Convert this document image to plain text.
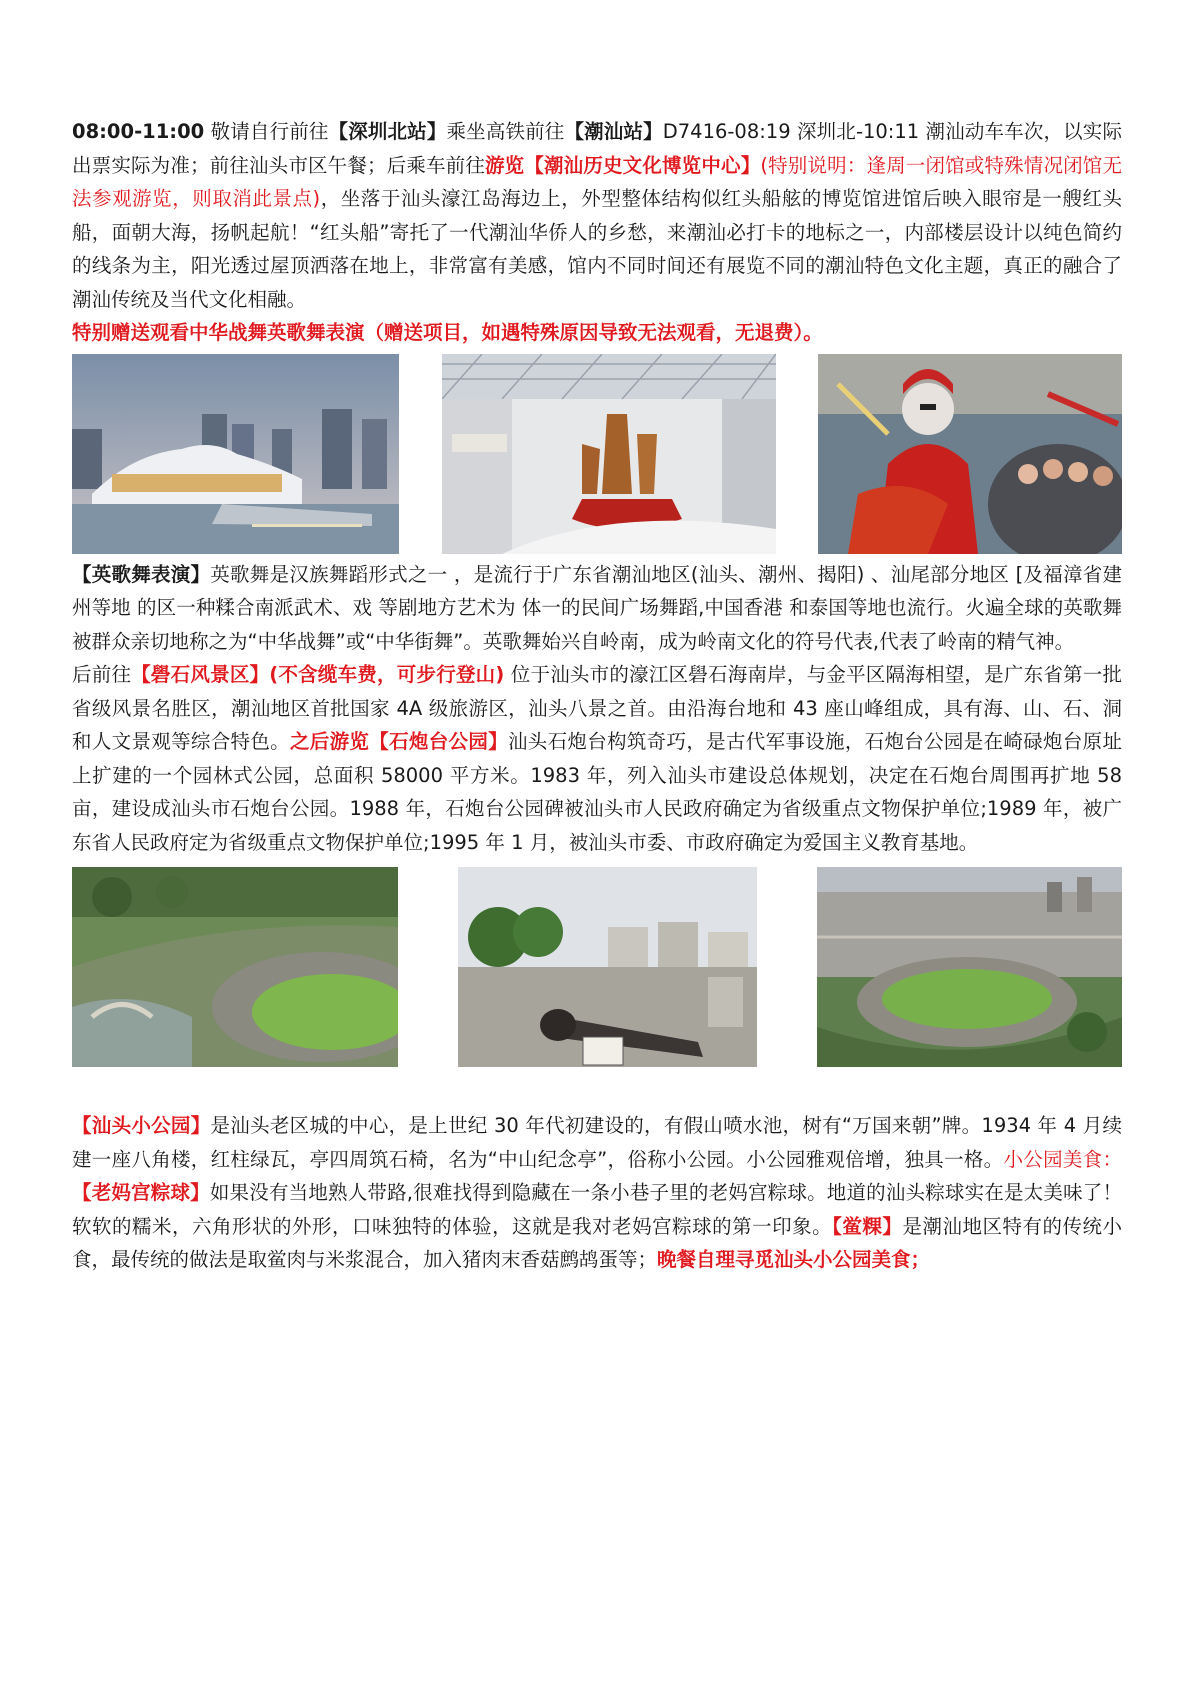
08:00-11:00 敬请自行前往【深圳北站】乘坐高铁前往【潮汕站】D7416-08:19 深圳北-10:11 潮汕动车车次，以实际出票实际为准；前往汕头市区午餐；后乘车前往游览【潮汕历史文化博览中心】(特别说明：逢周一闭馆或特殊情况闭馆无法参观游览，则取消此景点)，坐落于汕头濠江岛海边上，外型整体结构似红头船舷的博览馆进馆后映入眼帘是一艘红头船，面朝大海，扬帆起航！“红头船”寄托了一代潮汕华侨人的乡愁，来潮汕必打卡的地标之一，内部楼层设计以纯色简约的线条为主，阳光透过屋顶洒落在地上，非常富有美感，馆内不同时间还有展览不同的潮汕特色文化主题，真正的融合了潮汕传统及当代文化相融。

特别赠送观看中华战舞英歌舞表演（赠送项目，如遇特殊原因导致无法观看，无退费）。

【英歌舞表演】英歌舞是汉族舞蹈形式之一 ，是流行于广东省潮汕地区(汕头、潮州、揭阳) 、汕尾部分地区 [及福漳省建州等地 的区一种糅合南派武术、戏 等剧地方艺术为 体一的民间广场舞蹈,中国香港 和泰国等地也流行。火遍全球的英歌舞被群众亲切地称之为“中华战舞”或“中华街舞”。英歌舞始兴自岭南，成为岭南文化的符号代表,代表了岭南的精气神。

后前往【礐石风景区】(不含缆车费，可步行登山) 位于汕头市的濠江区礐石海南岸，与金平区隔海相望，是广东省第一批省级风景名胜区，潮汕地区首批国家 4A 级旅游区，汕头八景之首。由沿海台地和 43 座山峰组成，具有海、山、石、洞和人文景观等综合特色。之后游览【石炮台公园】汕头石炮台构筑奇巧，是古代军事设施，石炮台公园是在崎碌炮台原址上扩建的一个园林式公园，总面积 58000 平方米。1983 年，列入汕头市建设总体规划，决定在石炮台周围再扩地 58 亩，建设成汕头市石炮台公园。1988 年，石炮台公园碑被汕头市人民政府确定为省级重点文物保护单位;1989 年，被广东省人民政府定为省级重点文物保护单位;1995 年 1 月，被汕头市委、市政府确定为爱国主义教育基地。

【汕头小公园】是汕头老区城的中心，是上世纪 30 年代初建设的，有假山喷水池，树有“万国来朝”牌。1934 年 4 月续建一座八角楼，红柱绿瓦，亭四周筑石椅，名为“中山纪念亭”，俗称小公园。小公园雅观倍增，独具一格。小公园美食：【老妈宫粽球】如果没有当地熟人带路,很难找得到隐藏在一条小巷子里的老妈宫粽球。地道的汕头粽球实在是太美味了！软软的糯米，六角形状的外形，口味独特的体验，这就是我对老妈宫粽球的第一印象。【鲎粿】是潮汕地区特有的传统小食，最传统的做法是取鲎肉与米浆混合，加入猪肉末香菇鹧鸪蛋等；晚餐自理寻觅汕头小公园美食；
